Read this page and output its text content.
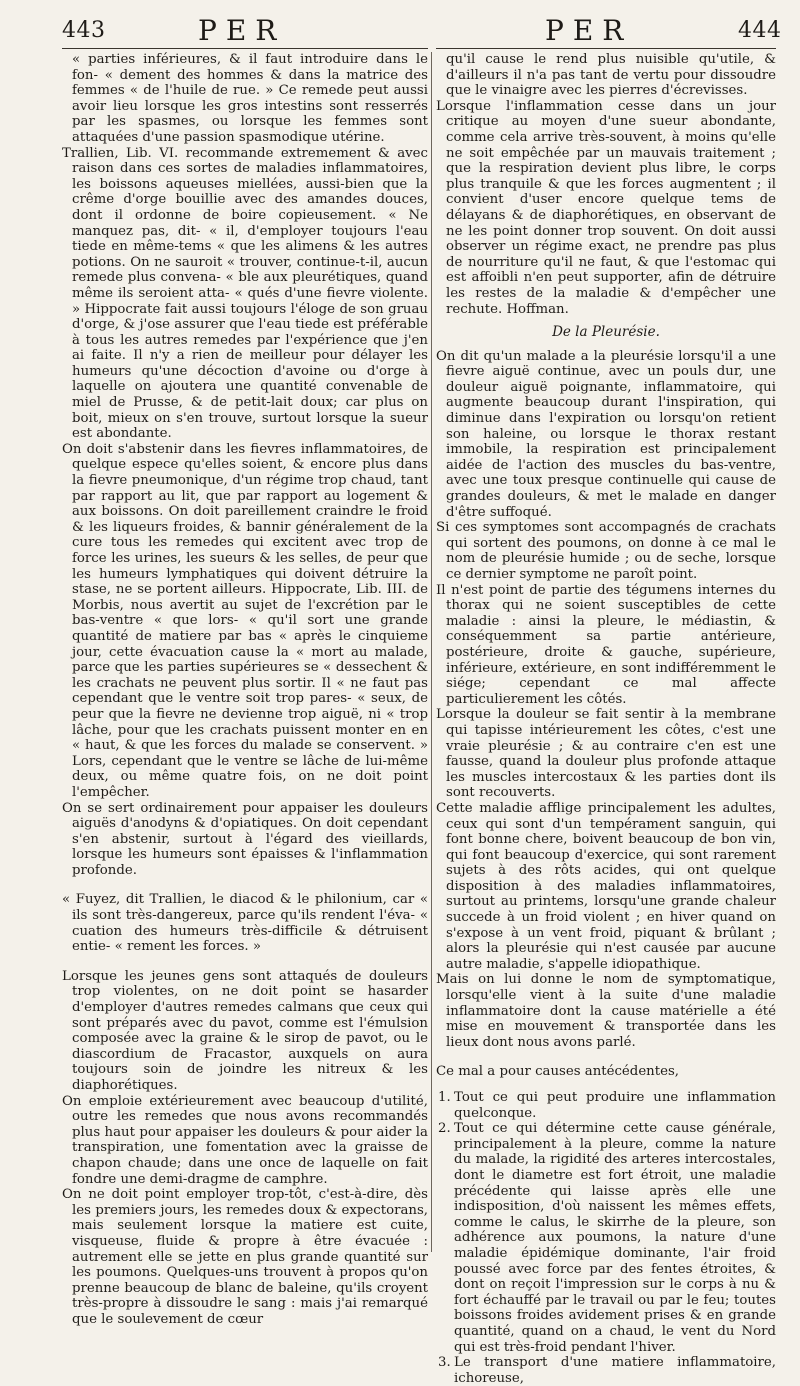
443	PER	PER	444

« parties inférieures, & il faut introduire dans le fon- « dement des hommes & dans la matrice des femmes « de l'huile de rue. » Ce remede peut aussi avoir lieu lorsque les gros intestins sont resserrés par les spasmes, ou lorsque les femmes sont attaquées d'une passion spasmodique utérine.

Trallien, Lib. VI. recommande extremement & avec raison dans ces sortes de maladies inflammatoires, les boissons aqueuses miellées, aussi-bien que la crême d'orge bouillie avec des amandes douces, dont il ordonne de boire copieusement. « Ne manquez pas, dit- « il, d'employer toujours l'eau tiede en même-tems « que les alimens & les autres potions. On ne sauroit « trouver, continue-t-il, aucun remede plus convena- « ble aux pleurétiques, quand même ils seroient atta- « qués d'une fievre violente. » Hippocrate fait aussi toujours l'éloge de son gruau d'orge, & j'ose assurer que l'eau tiede est préférable à tous les autres remedes par l'expérience que j'en ai faite. Il n'y a rien de meilleur pour délayer les humeurs qu'une décoction d'avoine ou d'orge à laquelle on ajoutera une quantité convenable de miel de Prusse, & de petit-lait doux; car plus on boit, mieux on s'en trouve, surtout lorsque la sueur est abondante.

On doit s'abstenir dans les fievres inflammatoires, de quelque espece qu'elles soient, & encore plus dans la fievre pneumonique, d'un régime trop chaud, tant par rapport au lit, que par rapport au logement & aux boissons. On doit pareillement craindre le froid & les liqueurs froides, & bannir généralement de la cure tous les remedes qui excitent avec trop de force les urines, les sueurs & les selles, de peur que les humeurs lymphatiques qui doivent détruire la stase, ne se portent ailleurs. Hippocrate, Lib. III. de Morbis, nous avertit au sujet de l'excrétion par le bas-ventre « que lors- « qu'il sort une grande quantité de matiere par bas « après le cinquieme jour, cette évacuation cause la « mort au malade, parce que les parties supérieures se « dessechent & les crachats ne peuvent plus sortir. Il « ne faut pas cependant que le ventre soit trop pares- « seux, de peur que la fievre ne devienne trop aiguë, ni « trop lâche, pour que les crachats puissent monter en en « haut, & que les forces du malade se conservent. » Lors, cependant que le ventre se lâche de lui-même deux, ou même quatre fois, on ne doit point l'empêcher.

On se sert ordinairement pour appaiser les douleurs aiguës d'anodyns & d'opiatiques. On doit cependant s'en abstenir, surtout à l'égard des vieillards, lorsque les humeurs sont épaisses & l'inflammation profonde.

« Fuyez, dit Trallien, le diacod & le philonium, car « ils sont très-dangereux, parce qu'ils rendent l'éva- « cuation des humeurs très-difficile & détruisent entie- « rement les forces. »

Lorsque les jeunes gens sont attaqués de douleurs trop violentes, on ne doit point se hasarder d'employer d'autres remedes calmans que ceux qui sont préparés avec du pavot, comme est l'émulsion composée avec la graine & le sirop de pavot, ou le diascordium de Fracastor, auxquels on aura toujours soin de joindre les nitreux & les diaphorétiques.

On emploie extérieurement avec beaucoup d'utilité, outre les remedes que nous avons recommandés plus haut pour appaiser les douleurs & pour aider la transpiration, une fomentation avec la graisse de chapon chaude; dans une once de laquelle on fait fondre une demi-dragme de camphre.

On ne doit point employer trop-tôt, c'est-à-dire, dès les premiers jours, les remedes doux & expectorans, mais seulement lorsque la matiere est cuite, visqueuse, fluide & propre à être évacuée : autrement elle se jette en plus grande quantité sur les poumons. Quelques-uns trouvent à propos qu'on prenne beaucoup de blanc de baleine, qu'ils croyent très-propre à dissoudre le sang : mais j'ai remarqué que le soulevement de cœur

qu'il cause le rend plus nuisible qu'utile, & d'ailleurs il n'a pas tant de vertu pour dissoudre que le vinaigre avec les pierres d'écrevisses.

Lorsque l'inflammation cesse dans un jour critique au moyen d'une sueur abondante, comme cela arrive très-souvent, à moins qu'elle ne soit empêchée par un mauvais traitement ; que la respiration devient plus libre, le corps plus tranquile & que les forces augmentent ; il convient d'user encore quelque tems de délayans & de diaphorétiques, en observant de ne les point donner trop souvent. On doit aussi observer un régime exact, ne prendre pas plus de nourriture qu'il ne faut, & que l'estomac qui est affoibli n'en peut supporter, afin de détruire les restes de la maladie & d'empêcher une rechute. Hoffman.

De la Pleurésie.

On dit qu'un malade a la pleurésie lorsqu'il a une fievre aiguë continue, avec un pouls dur, une douleur aiguë poignante, inflammatoire, qui augmente beaucoup durant l'inspiration, qui diminue dans l'expiration ou lorsqu'on retient son haleine, ou lorsque le thorax restant immobile, la respiration est principalement aidée de l'action des muscles du bas-ventre, avec une toux presque continuelle qui cause de grandes douleurs, & met le malade en danger d'être suffoqué.

Si ces symptomes sont accompagnés de crachats qui sortent des poumons, on donne à ce mal le nom de pleurésie humide ; ou de seche, lorsque ce dernier symptome ne paroît point.

Il n'est point de partie des tégumens internes du thorax qui ne soient susceptibles de cette maladie : ainsi la pleure, le médiastin, & conséquemment sa partie antérieure, postérieure, droite & gauche, supérieure, inférieure, extérieure, en sont indifféremment le siége; cependant ce mal affecte particulierement les côtés.

Lorsque la douleur se fait sentir à la membrane qui tapisse intérieurement les côtes, c'est une vraie pleurésie ; & au contraire c'en est une fausse, quand la douleur plus profonde attaque les muscles intercostaux & les parties dont ils sont recouverts.

Cette maladie afflige principalement les adultes, ceux qui sont d'un tempérament sanguin, qui font bonne chere, boivent beaucoup de bon vin, qui font beaucoup d'exercice, qui sont rarement sujets à des rôts acides, qui ont quelque disposition à des maladies inflammatoires, surtout au printems, lorsqu'une grande chaleur succede à un froid violent ; en hiver quand on s'expose à un vent froid, piquant & brûlant ; alors la pleurésie qui n'est causée par aucune autre maladie, s'appelle idiopathique.

Mais on lui donne le nom de symptomatique, lorsqu'elle vient à la suite d'une maladie inflammatoire dont la cause matérielle a été mise en mouvement & transportée dans les lieux dont nous avons parlé.

Ce mal a pour causes antécédentes,

1. Tout ce qui peut produire une inflammation quelconque.
2. Tout ce qui détermine cette cause générale, principalement à la pleure, comme la nature du malade, la rigidité des arteres intercostales, dont le diametre est fort étroit, une maladie précédente qui laisse après elle une indisposition, d'où naissent les mêmes effets, comme le calus, le skirrhe de la pleure, son adhérence aux poumons, la nature d'une maladie épidémique dominante, l'air froid poussé avec force par des fentes étroites, & dont on reçoit l'impression sur le corps à nu & fort échauffé par le travail ou par le feu; toutes boissons froides avidement prises & en grande quantité, quand on a chaud, le vent du Nord qui est très-froid pendant l'hiver.
3. Le transport d'une matiere inflammatoire, ichoreuse,
